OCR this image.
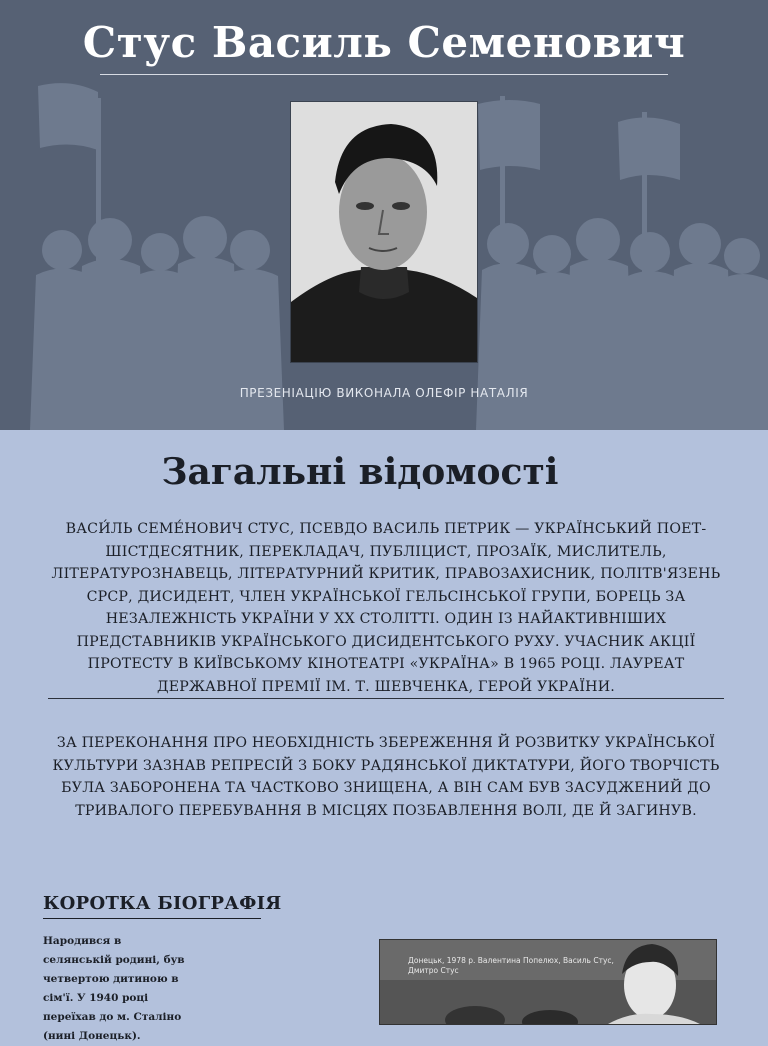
Стус Василь Семенович
ПРЕЗЕНІАЦІЮ ВИКОНАЛА ОЛЕФІР НАТАЛІЯ
Загальні відомості

ВАСИ́ЛЬ СЕМЕ́НОВИЧ СТУС, ПСЕВДО ВАСИЛЬ ПЕТРИК — УКРАЇНСЬКИЙ ПОЕТ-ШІСТДЕСЯТНИК, ПЕРЕКЛАДАЧ, ПУБЛІЦИСТ, ПРОЗАЇК, МИСЛИТЕЛЬ, ЛІТЕРАТУРОЗНАВЕЦЬ, ЛІТЕРАТУРНИЙ КРИТИК, ПРАВОЗАХИСНИК, ПОЛІТВ'ЯЗЕНЬ СРСР, ДИСИДЕНТ, ЧЛЕН УКРАЇНСЬКОЇ ГЕЛЬСІНСЬКОЇ ГРУПИ, БОРЕЦЬ ЗА НЕЗАЛЕЖНІСТЬ УКРАЇНИ У XX СТОЛІТТІ. ОДИН ІЗ НАЙАКТИВНІШИХ ПРЕДСТАВНИКІВ УКРАЇНСЬКОГО ДИСИДЕНТСЬКОГО РУХУ. УЧАСНИК АКЦІЇ ПРОТЕСТУ В КИЇВСЬКОМУ КІНОТЕАТРІ «УКРАЇНА» В 1965 РОЦІ. ЛАУРЕАТ ДЕРЖАВНОЇ ПРЕМІЇ ІМ. Т. ШЕВЧЕНКА, ГЕРОЙ УКРАЇНИ.

ЗА ПЕРЕКОНАННЯ ПРО НЕОБХІДНІСТЬ ЗБЕРЕЖЕННЯ Й РОЗВИТКУ УКРАЇНСЬКОЇ КУЛЬТУРИ ЗАЗНАВ РЕПРЕСІЙ З БОКУ РАДЯНСЬКОЇ ДИКТАТУРИ, ЙОГО ТВОРЧІСТЬ БУЛА ЗАБОРОНЕНА ТА ЧАСТКОВО ЗНИЩЕНА, А ВІН САМ БУВ ЗАСУДЖЕНИЙ ДО ТРИВАЛОГО ПЕРЕБУВАННЯ В МІСЦЯХ ПОЗБАВЛЕННЯ ВОЛІ, ДЕ Й ЗАГИНУВ.

КОРОТКА БІОГРАФІЯ

Народився в селянській родині, був четвертою дитиною в сім'ї. У 1940 році переїхав до м. Сталіно (нині Донецьк).

Донецьк, 1978 р. Валентина Попелюх, Василь Стус, Дмитро Стус
